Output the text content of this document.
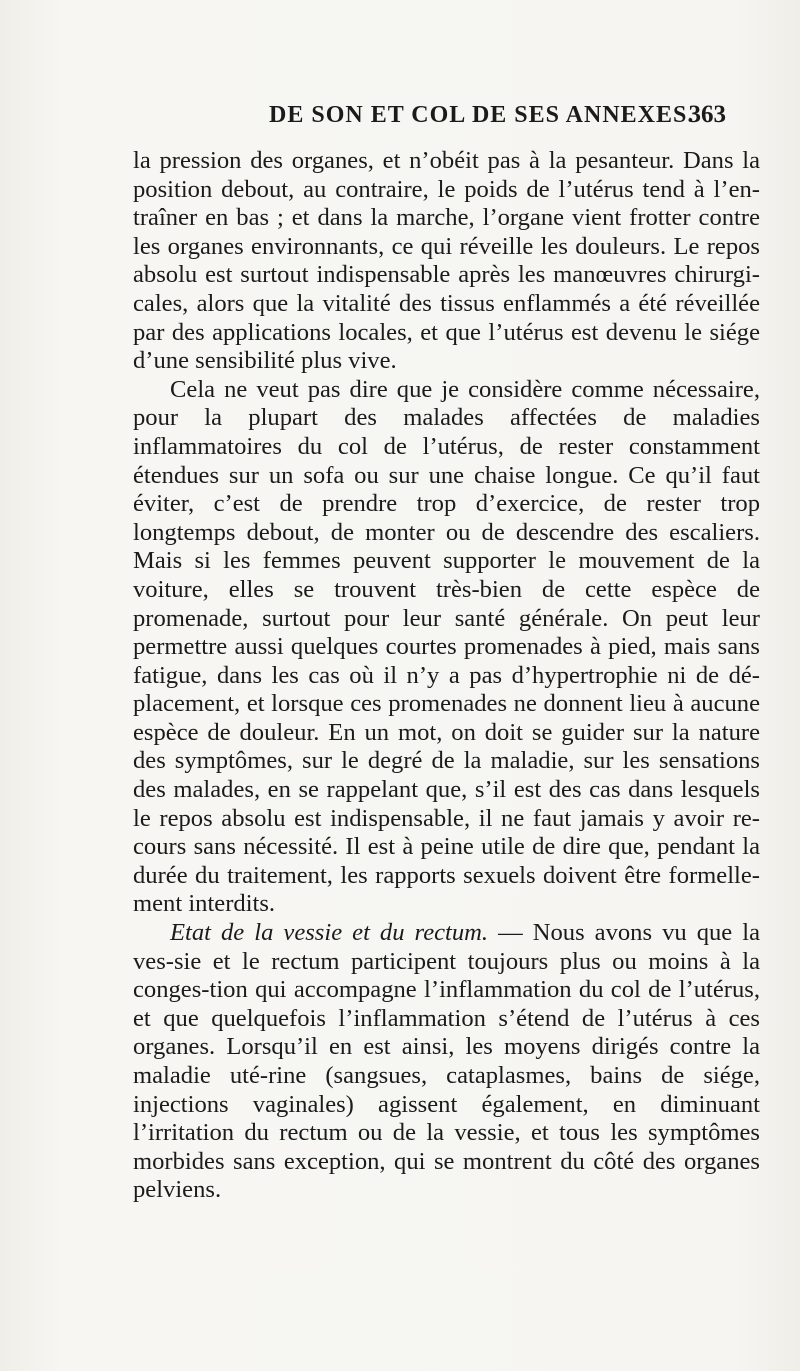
DE SON ET COL DE SES ANNEXES.
363

la pression des organes, et n’obéit pas à la pesanteur. Dans la position debout, au contraire, le poids de l’utérus tend à l’en-traîner en bas ; et dans la marche, l’organe vient frotter contre les organes environnants, ce qui réveille les douleurs. Le repos absolu est surtout indispensable après les manœuvres chirurgi-cales, alors que la vitalité des tissus enflammés a été réveillée par des applications locales, et que l’utérus est devenu le siége d’une sensibilité plus vive.

Cela ne veut pas dire que je considère comme nécessaire, pour la plupart des malades affectées de maladies inflammatoires du col de l’utérus, de rester constamment étendues sur un sofa ou sur une chaise longue. Ce qu’il faut éviter, c’est de prendre trop d’exercice, de rester trop longtemps debout, de monter ou de descendre des escaliers. Mais si les femmes peuvent supporter le mouvement de la voiture, elles se trouvent très-bien de cette espèce de promenade, surtout pour leur santé générale. On peut leur permettre aussi quelques courtes promenades à pied, mais sans fatigue, dans les cas où il n’y a pas d’hypertrophie ni de dé-placement, et lorsque ces promenades ne donnent lieu à aucune espèce de douleur. En un mot, on doit se guider sur la nature des symptômes, sur le degré de la maladie, sur les sensations des malades, en se rappelant que, s’il est des cas dans lesquels le repos absolu est indispensable, il ne faut jamais y avoir re-cours sans nécessité. Il est à peine utile de dire que, pendant la durée du traitement, les rapports sexuels doivent être formelle-ment interdits.

Etat de la vessie et du rectum. — Nous avons vu que la ves-sie et le rectum participent toujours plus ou moins à la conges-tion qui accompagne l’inflammation du col de l’utérus, et que quelquefois l’inflammation s’étend de l’utérus à ces organes. Lorsqu’il en est ainsi, les moyens dirigés contre la maladie uté-rine (sangsues, cataplasmes, bains de siége, injections vaginales) agissent également, en diminuant l’irritation du rectum ou de la vessie, et tous les symptômes morbides sans exception, qui se montrent du côté des organes pelviens.
